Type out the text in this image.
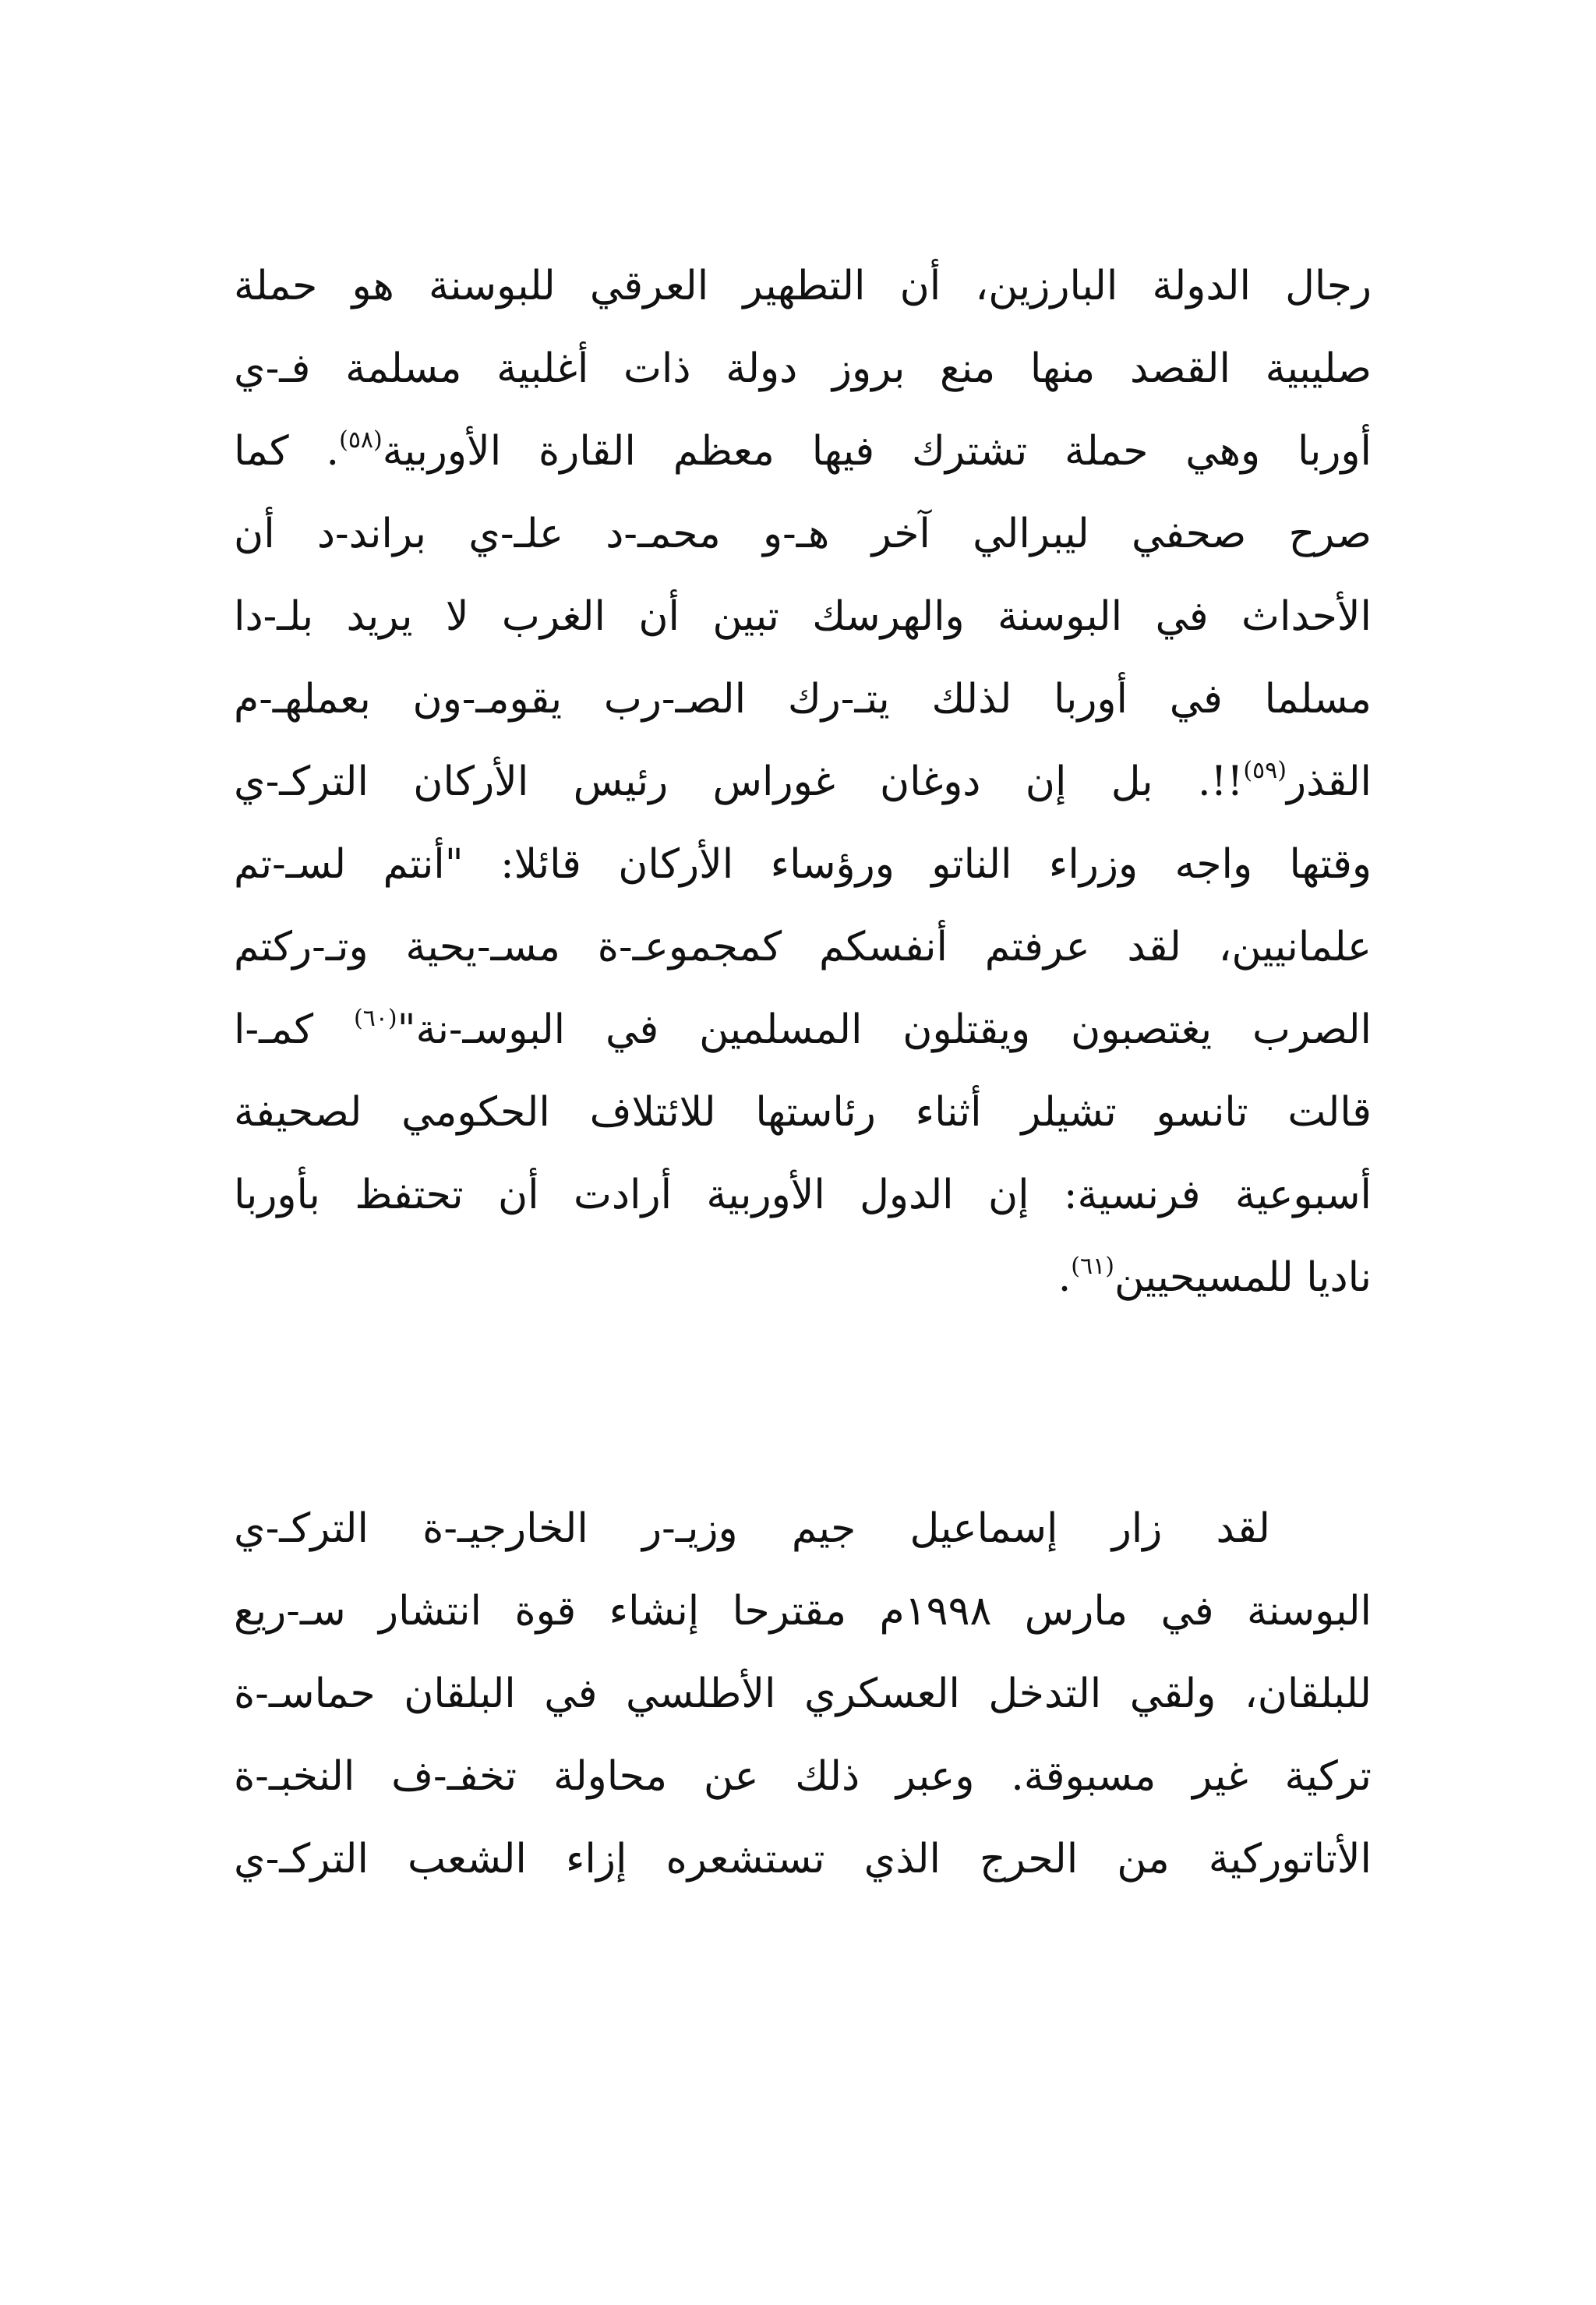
رجال الدولة البارزين، أن التطهير العرقي للبوسنة هو حملة
صليبية القصد منها منع بروز دولة ذات أغلبية مسلمة فـ-ي
أوربا وهي حملة تشترك فيها معظم القارة الأوربية$^{(٥٨)}$. كما
صرح صحفي ليبرالي آخر هـ-و محمـ-د علـ-ي براند-د أن
الأحداث في البوسنة والهرسك تبين أن الغرب لا يريد بلـ-دا
مسلما في أوربا لذلك يتـ-رك الصـ-رب يقومـ-ون بعملهـ-م
القذر$^{(٥٩)}$!!. بل إن دوغان غوراس رئيس الأركان التركـ-ي
وقتها واجه وزراء الناتو ورؤساء الأركان قائلا: "أنتم لسـ-تم
علمانيين، لقد عرفتم أنفسكم كمجموعـ-ة مسـ-يحية وتـ-ركتم
الصرب يغتصبون ويقتلون المسلمين في البوسـ-نة"$^{(٦٠)}$ كمـ-ا
قالت تانسو تشيلر أثناء رئاستها للائتلاف الحكومي لصحيفة
أسبوعية فرنسية: إن الدول الأوربية أرادت أن تحتفظ بأوربا
ناديا للمسيحيين$^{(٦١)}$.
لقد زار إسماعيل جيم وزيـ-ر الخارجيـ-ة التركـ-ي
البوسنة في مارس ١٩٩٨م مقترحا إنشاء قوة انتشار سـ-ريع
للبلقان، ولقي التدخل العسكري الأطلسي في البلقان حماسـ-ة
تركية غير مسبوقة. وعبر ذلك عن محاولة تخفـ-ف النخبـ-ة
الأتاتوركية من الحرج الذي تستشعره إزاء الشعب التركـ-ي
